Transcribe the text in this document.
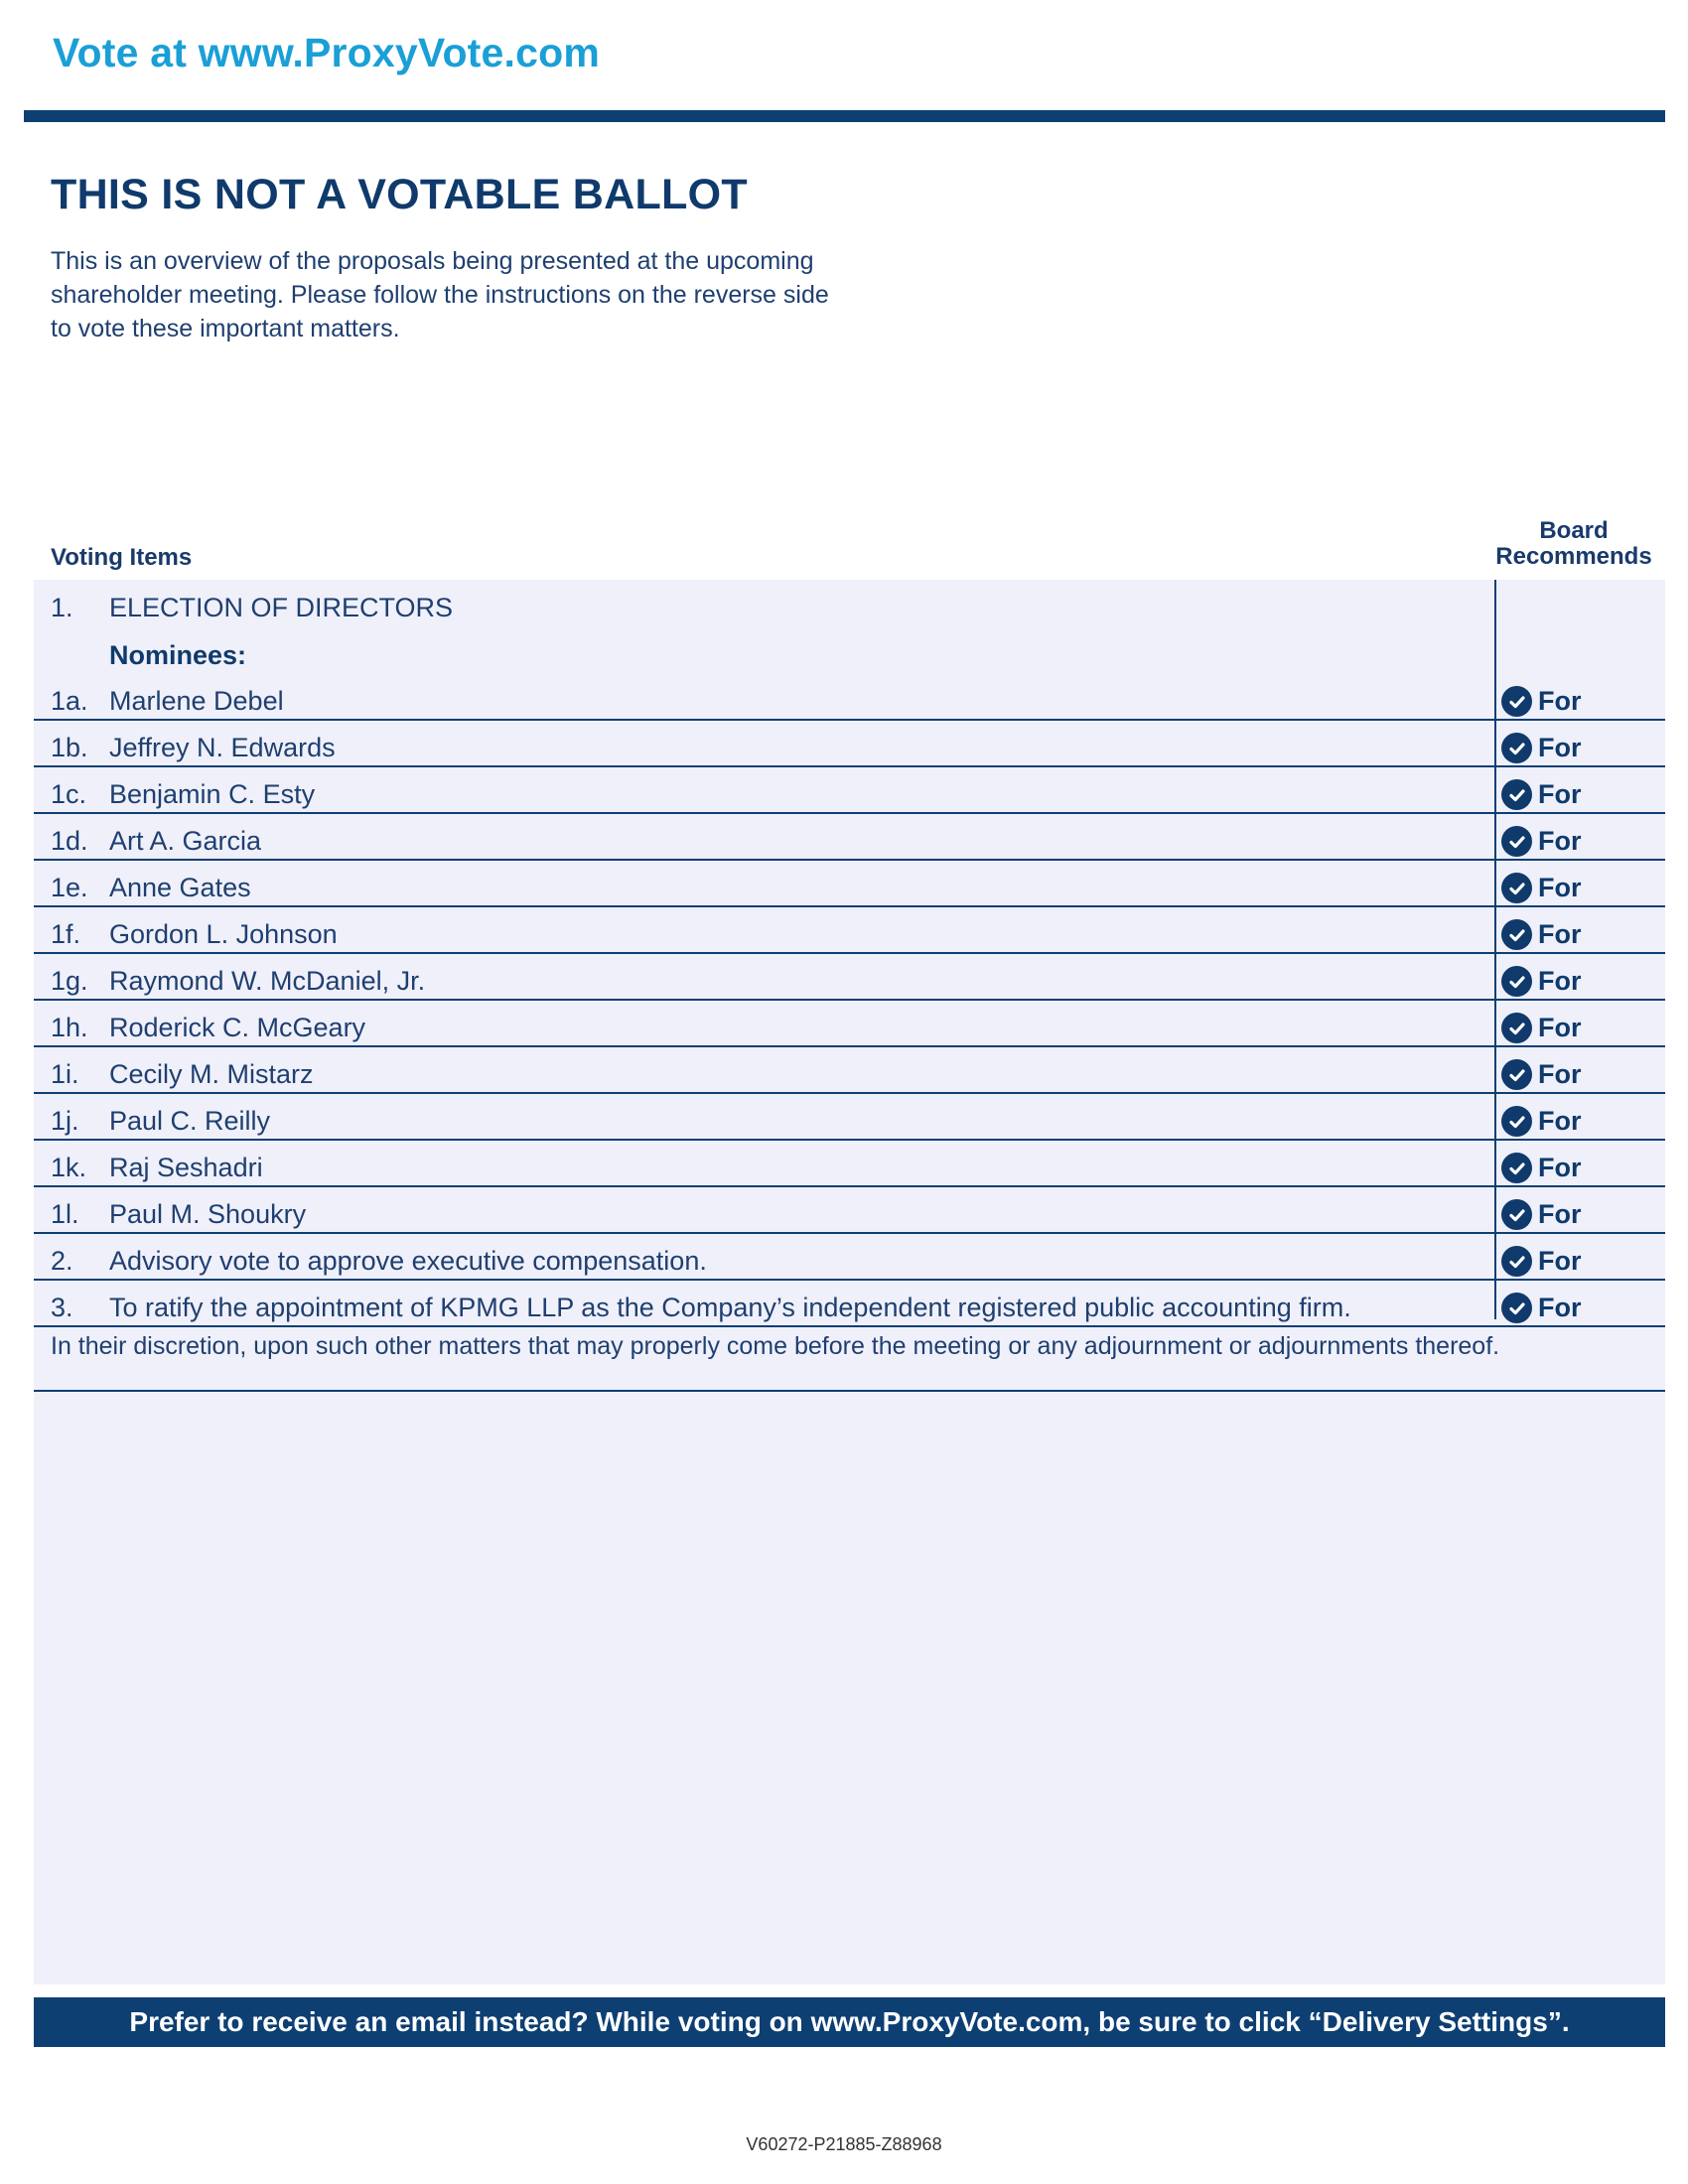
Vote at www.ProxyVote.com
THIS IS NOT A VOTABLE BALLOT
This is an overview of the proposals being presented at the upcoming shareholder meeting. Please follow the instructions on the reverse side to vote these important matters.
Voting Items
Board
Recommends
1. ELECTION OF DIRECTORS
Nominees:
1a. Marlene Debel	For
1b. Jeffrey N. Edwards	For
1c. Benjamin C. Esty	For
1d. Art A. Garcia	For
1e. Anne Gates	For
1f. Gordon L. Johnson	For
1g. Raymond W. McDaniel, Jr.	For
1h. Roderick C. McGeary	For
1i. Cecily M. Mistarz	For
1j. Paul C. Reilly	For
1k. Raj Seshadri	For
1l. Paul M. Shoukry	For
2. Advisory vote to approve executive compensation.	For
3. To ratify the appointment of KPMG LLP as the Company’s independent registered public accounting firm.	For
In their discretion, upon such other matters that may properly come before the meeting or any adjournment or adjournments thereof.
Prefer to receive an email instead? While voting on www.ProxyVote.com, be sure to click “Delivery Settings”.
V60272-P21885-Z88968
